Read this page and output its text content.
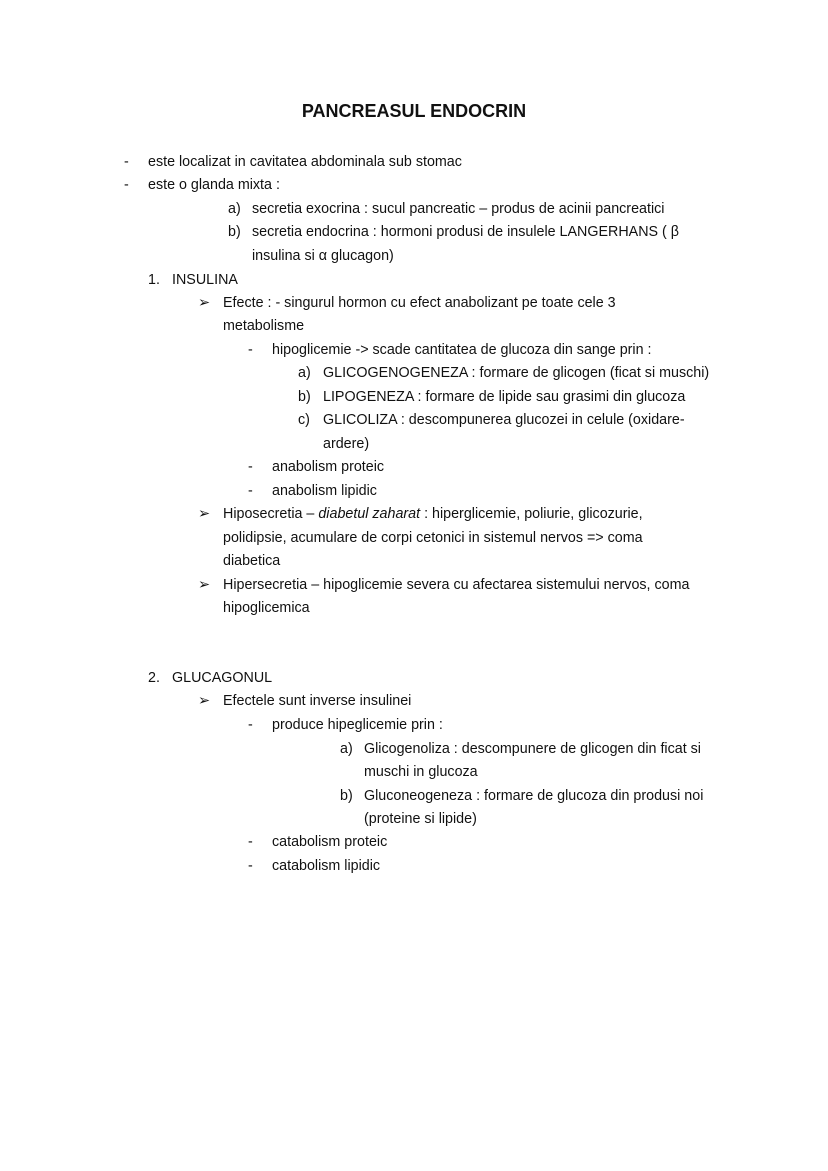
PANCREASUL ENDOCRIN
- este localizat in cavitatea abdominala sub stomac
- este o glanda mixta :
a) secretia exocrina : sucul pancreatic – produs de acinii pancreatici
b) secretia endocrina : hormoni produsi de insulele LANGERHANS ( β
insulina si α glucagon)
1. INSULINA
➢ Efecte : - singurul hormon cu efect anabolizant pe toate cele 3
metabolisme
- hipoglicemie -> scade cantitatea de glucoza din sange prin :
a) GLICOGENOGENEZA : formare de glicogen (ficat si muschi)
b) LIPOGENEZA : formare de lipide sau grasimi din glucoza
c) GLICOLIZA : descompunerea glucozei in celule (oxidare-
ardere)
- anabolism proteic
- anabolism lipidic
➢ Hiposecretia – diabetul zaharat : hiperglicemie, poliurie, glicozurie,
polidipsie, acumulare de corpi cetonici in sistemul nervos => coma
diabetica
➢ Hipersecretia – hipoglicemie severa cu afectarea sistemului nervos, coma
hipoglicemica
2. GLUCAGONUL
➢ Efectele sunt inverse insulinei
- produce hipeglicemie prin :
a) Glicogenoliza : descompunere de glicogen din ficat si
muschi in glucoza
b) Gluconeogeneza : formare de glucoza din produsi noi
(proteine si lipide)
- catabolism proteic
- catabolism lipidic
